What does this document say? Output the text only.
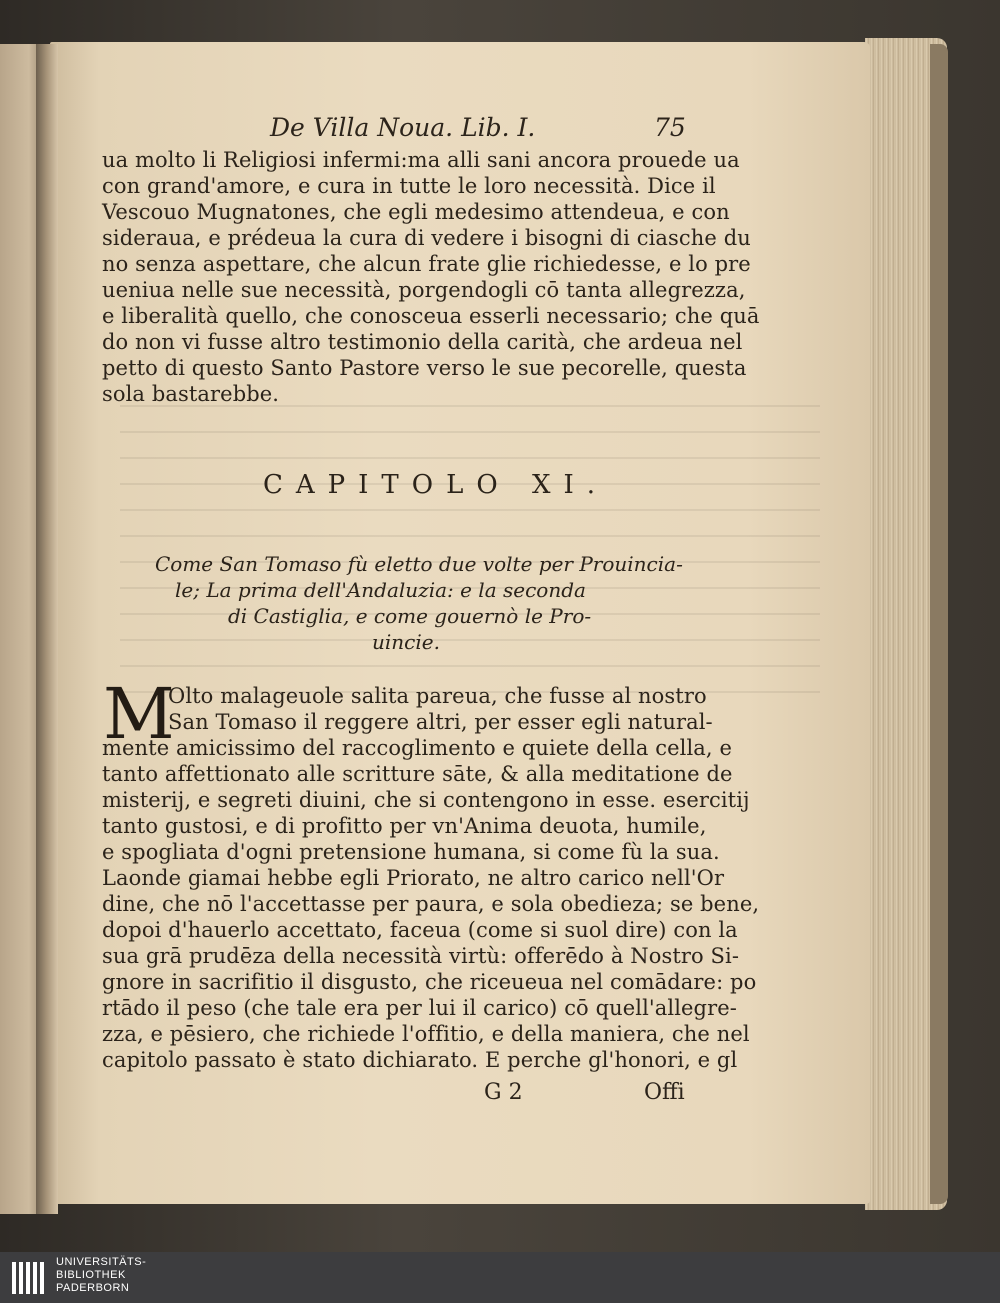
De Villa Noua. Lib. I.	75
ua molto li Religiosi infermi:ma alli sani ancora prouede ua
con grand'amore, e cura in tutte le loro necessità. Dice il
Vescouo Mugnatones, che egli medesimo attendeua, e con
sideraua, e prédeua la cura di vedere i bisogni di ciasche du
no senza aspettare, che alcun frate glie richiedesse, e lo pre
ueniua nelle sue necessità, porgendogli cō tanta allegrezza,
e liberalità quello, che conosceua esserli necessario; che quā
do non vi fusse altro testimonio della carità, che ardeua nel
petto di questo Santo Pastore verso le sue pecorelle, questa
sola bastarebbe.
CAPITOLO XI.
Come San Tomaso fù eletto due volte per Prouincia-
le; La prima dell'Andaluzia: e la seconda
di Castiglia, e come gouernò le Pro-
uincie.
M
Olto malageuole salita pareua, che fusse al nostro
San Tomaso il reggere altri, per esser egli natural-
mente amicissimo del raccoglimento e quiete della cella, e
tanto affettionato alle scritture sāte, & alla meditatione de
misterij, e segreti diuini, che si contengono in esse. esercitij
tanto gustosi, e di profitto per vn'Anima deuota, humile,
e spogliata d'ogni pretensione humana, si come fù la sua.
Laonde giamai hebbe egli Priorato, ne altro carico nell'Or
dine, che nō l'accettasse per paura, e sola obedieza; se bene,
dopoi d'hauerlo accettato, faceua (come si suol dire) con la
sua grā prudēza della necessità virtù: offerēdo à Nostro Si-
gnore in sacrifitio il disgusto, che riceueua nel comādare: po
rtādo il peso (che tale era per lui il carico) cō quell'allegre-
zza, e pēsiero, che richiede l'offitio, e della maniera, che nel
capitolo passato è stato dichiarato. E perche gl'honori, e gl
G 2	Offi
UNIVERSITÄTS-
BIBLIOTHEK
PADERBORN
